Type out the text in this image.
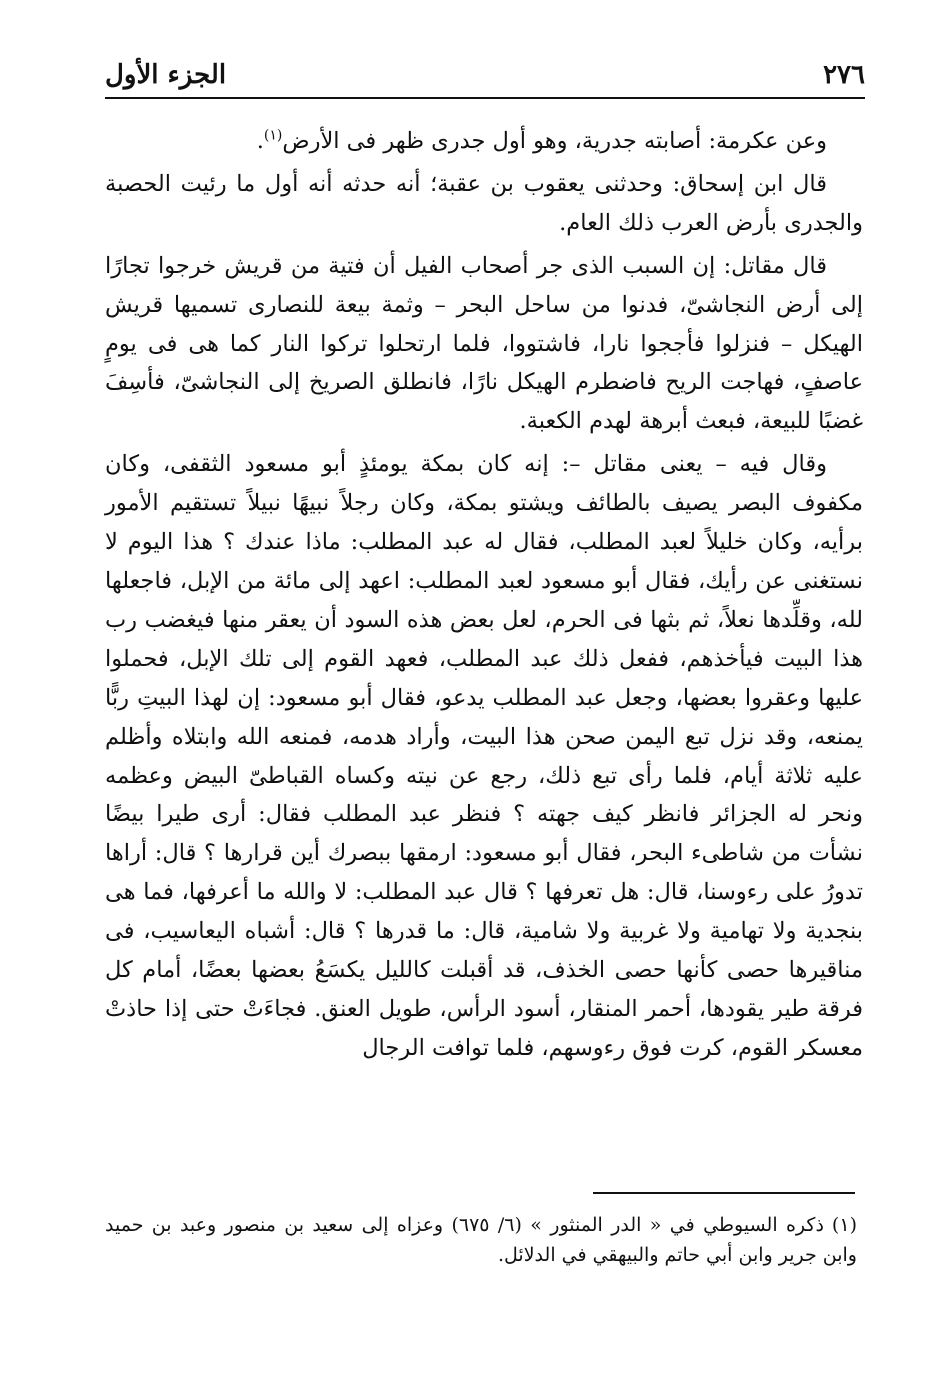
٢٧٦
الجزء الأول

وعن عكرمة: أصابته جدرية، وهو أول جدرى ظهر فى الأرض$^{(١)}$.

قال ابن إسحاق: وحدثنى يعقوب بن عقبة؛ أنه حدثه أنه أول ما رئيت الحصبة والجدرى بأرض العرب ذلك العام.

قال مقاتل: إن السبب الذى جر أصحاب الفيل أن فتية من قريش خرجوا تجارًا إلى أرض النجاشىّ، فدنوا من ساحل البحر – وثمة بيعة للنصارى تسميها قريش الهيكل – فنزلوا فأججوا نارا، فاشتووا، فلما ارتحلوا تركوا النار كما هى فى يومٍ عاصفٍ، فهاجت الريح فاضطرم الهيكل نارًا، فانطلق الصريخ إلى النجاشىّ، فأسِفَ غضبًا للبيعة، فبعث أبرهة لهدم الكعبة.

وقال فيه – يعنى مقاتل –: إنه كان بمكة يومئذٍ أبو مسعود الثقفى، وكان مكفوف البصر يصيف بالطائف ويشتو بمكة، وكان رجلاً نبيهًا نبيلاً تستقيم الأمور برأيه، وكان خليلاً لعبد المطلب، فقال له عبد المطلب: ماذا عندك ؟ هذا اليوم لا نستغنى عن رأيك، فقال أبو مسعود لعبد المطلب: اعهد إلى مائة من الإبل، فاجعلها لله، وقلِّدها نعلاً، ثم بثها فى الحرم، لعل بعض هذه السود أن يعقر منها فيغضب رب هذا البيت فيأخذهم، ففعل ذلك عبد المطلب، فعهد القوم إلى تلك الإبل، فحملوا عليها وعقروا بعضها، وجعل عبد المطلب يدعو، فقال أبو مسعود: إن لهذا البيتِ ربًّا يمنعه، وقد نزل تبع اليمن صحن هذا البيت، وأراد هدمه، فمنعه الله وابتلاه وأظلم عليه ثلاثة أيام، فلما رأى تبع ذلك، رجع عن نيته وكساه القباطىّ البيض وعظمه ونحر له الجزائر فانظر كيف جهته ؟ فنظر عبد المطلب فقال: أرى طيرا بيضًا نشأت من شاطىء البحر، فقال أبو مسعود: ارمقها ببصرك أين قرارها ؟ قال: أراها تدورُ على رءوسنا، قال: هل تعرفها ؟ قال عبد المطلب: لا والله ما أعرفها، فما هى بنجدية ولا تهامية ولا غربية ولا شامية، قال: ما قدرها ؟ قال: أشباه اليعاسيب، فى مناقيرها حصى كأنها حصى الخذف، قد أقبلت كالليل يكسَعُ بعضها بعضًا، أمام كل فرقة طير يقودها، أحمر المنقار، أسود الرأس، طويل العنق. فجاءَتْ حتى إذا حاذتْ معسكر القوم، كرت فوق رءوسهم، فلما توافت الرجال

(١)ذكره السيوطي في « الدر المنثور » (٦/ ٦٧٥) وعزاه إلى سعيد بن منصور وعبد بن حميد وابن جرير وابن أبي حاتم والبيهقي في الدلائل.
